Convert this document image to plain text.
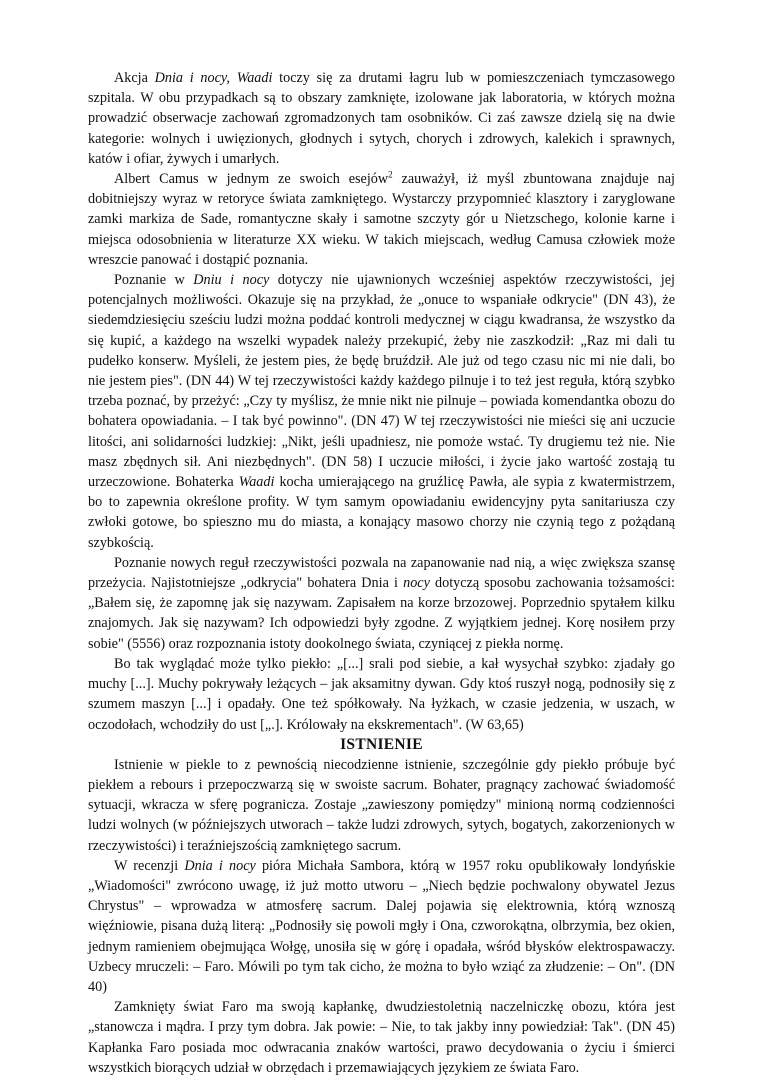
Akcja Dnia i nocy, Waadi toczy się za drutami łagru lub w pomieszczeniach tymczasowego szpitala. W obu przypadkach są to obszary zamknięte, izolowane jak laboratoria, w których można prowadzić obserwacje zachowań zgromadzonych tam osobników. Ci zaś zawsze dzielą się na dwie kategorie: wolnych i uwięzionych, głodnych i sytych, chorych i zdrowych, kalekich i sprawnych, katów i ofiar, żywych i umarłych.

Albert Camus w jednym ze swoich esejów$^2$ zauważył, iż myśl zbuntowana znajduje naj dobitniejszy wyraz w retoryce świata zamkniętego. Wystarczy przypomnieć klasztory i zaryglowane zamki markiza de Sade, romantyczne skały i samotne szczyty gór u Nietzschego, kolonie karne i miejsca odosobnienia w literaturze XX wieku. W takich miejscach, według Camusa człowiek może wreszcie panować i dostąpić poznania.

Poznanie w Dniu i nocy dotyczy nie ujawnionych wcześniej aspektów rzeczywistości, jej potencjalnych możliwości. Okazuje się na przykład, że „onuce to wspaniałe odkrycie" (DN 43), że siedemdziesięciu sześciu ludzi można poddać kontroli medycznej w ciągu kwadransa, że wszystko da się kupić, a każdego na wszelki wypadek należy przekupić, żeby nie zaszkodził: „Raz mi dali tu pudełko konserw. Myśleli, że jestem pies, że będę bruździł. Ale już od tego czasu nic mi nie dali, bo nie jestem pies". (DN 44) W tej rzeczywistości każdy każdego pilnuje i to też jest reguła, którą szybko trzeba poznać, by przeżyć: „Czy ty myślisz, że mnie nikt nie pilnuje – powiada komendantka obozu do bohatera opowiadania. – I tak być powinno". (DN 47) W tej rzeczywistości nie mieści się ani uczucie litości, ani solidarności ludzkiej: „Nikt, jeśli upadniesz, nie pomoże wstać. Ty drugiemu też nie. Nie masz zbędnych sił. Ani niezbędnych". (DN 58) I uczucie miłości, i życie jako wartość zostają tu urzeczowione. Bohaterka Waadi kocha umierającego na gruźlicę Pawła, ale sypia z kwatermistrzem, bo to zapewnia określone profity. W tym samym opowiadaniu ewidencyjny pyta sanitariusza czy zwłoki gotowe, bo spieszno mu do miasta, a konający masowo chorzy nie czynią tego z pożądaną szybkością.

Poznanie nowych reguł rzeczywistości pozwala na zapanowanie nad nią, a więc zwiększa szansę przeżycia. Najistotniejsze „odkrycia" bohatera Dnia i nocy dotyczą sposobu zachowania tożsamości: „Bałem się, że zapomnę jak się nazywam. Zapisałem na korze brzozowej. Poprzednio spytałem kilku znajomych. Jak się nazywam? Ich odpowiedzi były zgodne. Z wyjątkiem jednej. Korę nosiłem przy sobie" (5556) oraz rozpoznania istoty dookolnego świata, czyniącej z piekła normę.

Bo tak wyglądać może tylko piekło: „[...] srali pod siebie, a kał wysychał szybko: zjadały go muchy [...]. Muchy pokrywały leżących – jak aksamitny dywan. Gdy ktoś ruszył nogą, podnosiły się z szumem maszyn [...] i opadały. One też spółkowały. Na łyżkach, w czasie jedzenia, w uszach, w oczodołach, wchodziły do ust [„.]. Królowały na ekskrementach". (W 63,65)

ISTNIENIE

Istnienie w piekle to z pewnością niecodzienne istnienie, szczególnie gdy piekło próbuje być piekłem a rebours i przepoczwarzą się w swoiste sacrum. Bohater, pragnący zachować świadomość sytuacji, wkracza w sferę pograniczа. Zostaje „zawieszony pomiędzy" minioną normą codzienności ludzi wolnych (w późniejszych utworach – także ludzi zdrowych, sytych, bogatych, zakorzenionych w rzeczywistości) i teraźniejszością zamkniętego sacrum.

W recenzji Dnia i nocy pióra Michała Sambora, którą w 1957 roku opublikowały londyńskie „Wiadomości" zwrócono uwagę, iż już motto utworu – „Niech będzie pochwalony obywatel Jezus Chrystus" – wprowadza w atmosferę sacrum. Dalej pojawia się elektrownia, którą wznoszą więźniowie, pisana dużą literą: „Podnosiły się powoli mgły i Ona, czworokątna, olbrzymia, bez okien, jednym ramieniem obejmująca Wołgę, unosiła się w górę i opadała, wśród błysków elektrospawaczy. Uzbecy mruczeli: – Faro. Mówili po tym tak cicho, że można to było wziąć za złudzenie: – On". (DN 40)

Zamknięty świat Faro ma swoją kapłankę, dwudziestoletnią naczelniczkę obozu, która jest „stanowcza i mądra. I przy tym dobra. Jak powie: – Nie, to tak jakby inny powiedział: Tak". (DN 45) Kapłanka Faro posiada moc odwracania znaków wartości, prawo decydowania o życiu i śmierci wszystkich biorących udział w obrzędach i przemawiających językiem ze świata Faro.
